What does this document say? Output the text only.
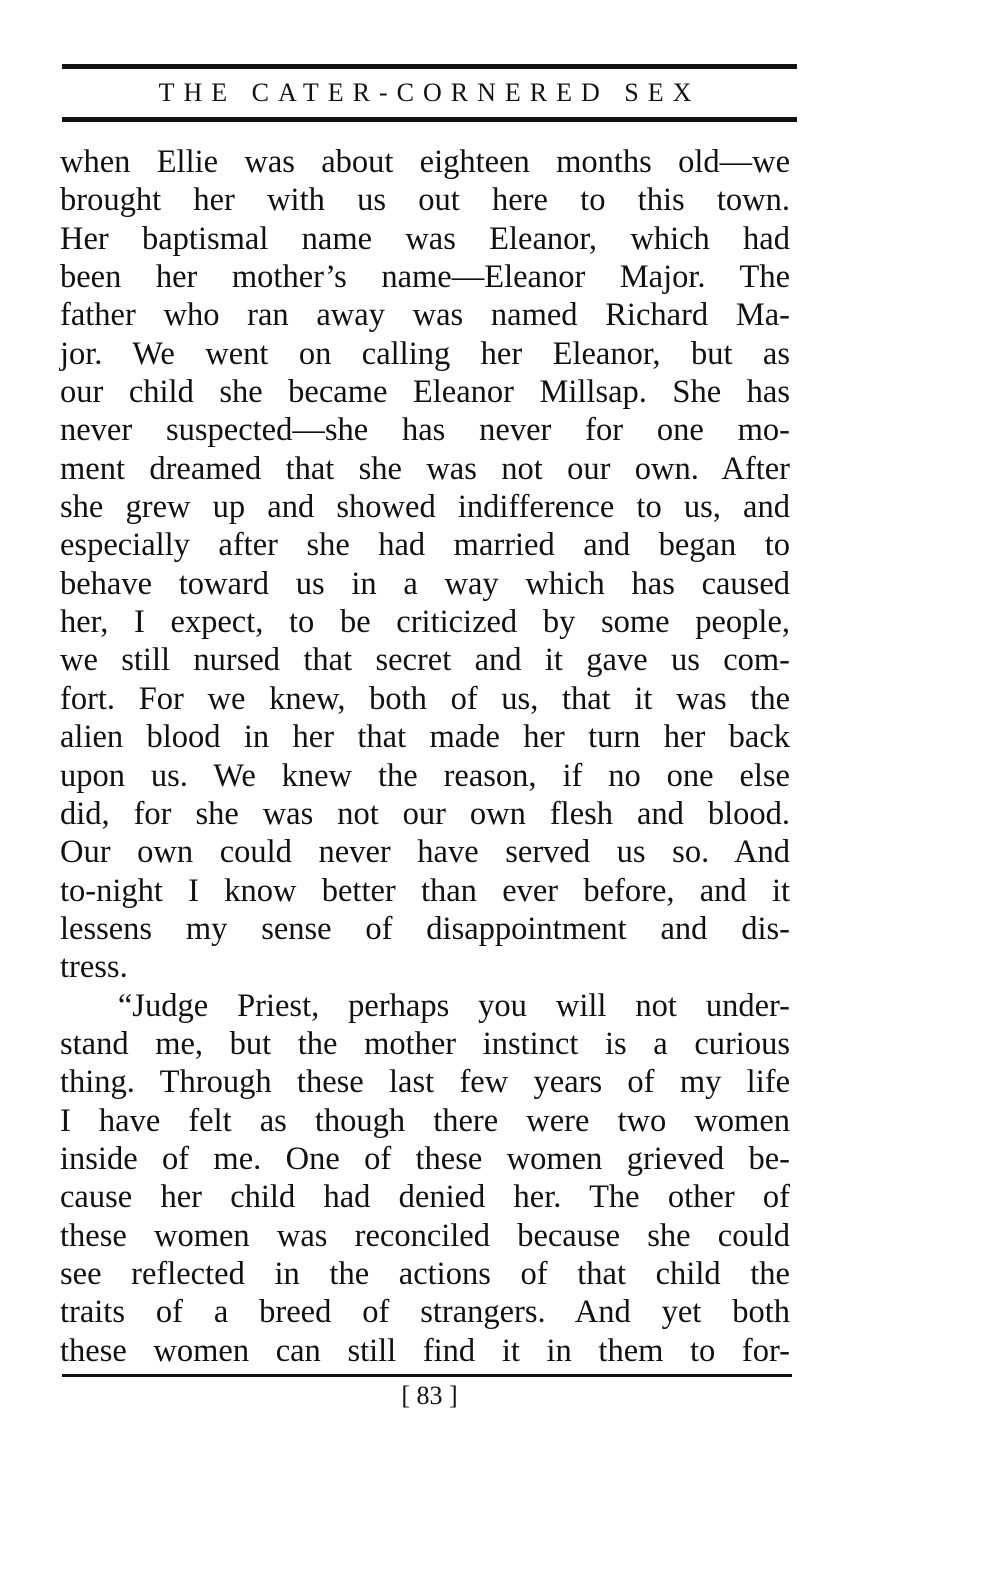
THE CATER-CORNERED SEX
when Ellie was about eighteen months old—we
brought her with us out here to this town.
Her baptismal name was Eleanor, which had
been her mother’s name—Eleanor Major. The
father who ran away was named Richard Ma-
jor. We went on calling her Eleanor, but as
our child she became Eleanor Millsap. She has
never suspected—she has never for one mo-
ment dreamed that she was not our own. After
she grew up and showed indifference to us, and
especially after she had married and began to
behave toward us in a way which has caused
her, I expect, to be criticized by some people,
we still nursed that secret and it gave us com-
fort. For we knew, both of us, that it was the
alien blood in her that made her turn her back
upon us. We knew the reason, if no one else
did, for she was not our own flesh and blood.
Our own could never have served us so. And
to-night I know better than ever before, and it
lessens my sense of disappointment and dis-
tress.
“Judge Priest, perhaps you will not under-
stand me, but the mother instinct is a curious
thing. Through these last few years of my life
I have felt as though there were two women
inside of me. One of these women grieved be-
cause her child had denied her. The other of
these women was reconciled because she could
see reflected in the actions of that child the
traits of a breed of strangers. And yet both
these women can still find it in them to for-
[ 83 ]
